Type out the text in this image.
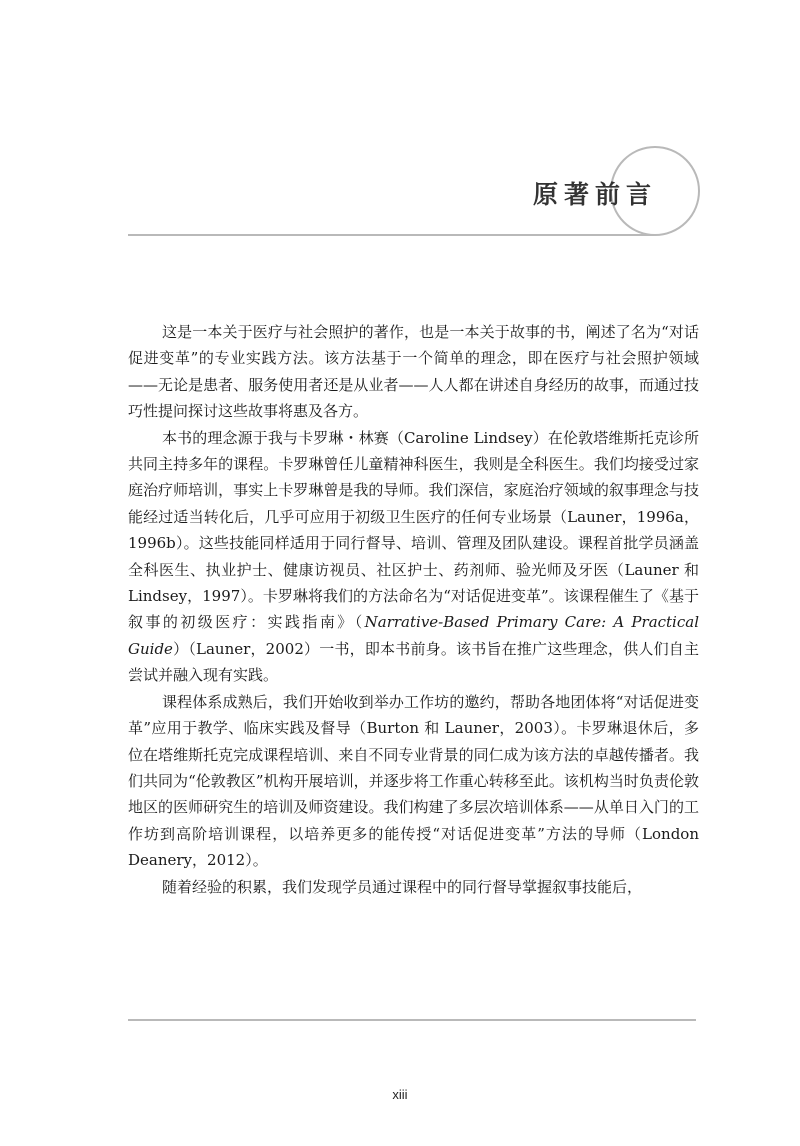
原著前言

这是一本关于医疗与社会照护的著作，也是一本关于故事的书，阐述了名为“对话促进变革”的专业实践方法。该方法基于一个简单的理念，即在医疗与社会照护领域——无论是患者、服务使用者还是从业者——人人都在讲述自身经历的故事，而通过技巧性提问探讨这些故事将惠及各方。

本书的理念源于我与卡罗琳・林赛（Caroline Lindsey）在伦敦塔维斯托克诊所共同主持多年的课程。卡罗琳曾任儿童精神科医生，我则是全科医生。我们均接受过家庭治疗师培训，事实上卡罗琳曾是我的导师。我们深信，家庭治疗领域的叙事理念与技能经过适当转化后，几乎可应用于初级卫生医疗的任何专业场景（Launer，1996a，1996b）。这些技能同样适用于同行督导、培训、管理及团队建设。课程首批学员涵盖全科医生、执业护士、健康访视员、社区护士、药剂师、验光师及牙医（Launer 和 Lindsey，1997）。卡罗琳将我们的方法命名为“对话促进变革”。该课程催生了《基于叙事的初级医疗：实践指南》（Narrative-Based Primary Care: A Practical Guide）（Launer，2002）一书，即本书前身。该书旨在推广这些理念，供人们自主尝试并融入现有实践。

课程体系成熟后，我们开始收到举办工作坊的邀约，帮助各地团体将“对话促进变革”应用于教学、临床实践及督导（Burton 和 Launer，2003）。卡罗琳退休后，多位在塔维斯托克完成课程培训、来自不同专业背景的同仁成为该方法的卓越传播者。我们共同为“伦敦教区”机构开展培训，并逐步将工作重心转移至此。该机构当时负责伦敦地区的医师研究生的培训及师资建设。我们构建了多层次培训体系——从单日入门的工作坊到高阶培训课程，以培养更多的能传授“对话促进变革”方法的导师（London Deanery，2012）。

随着经验的积累，我们发现学员通过课程中的同行督导掌握叙事技能后，

xiii
